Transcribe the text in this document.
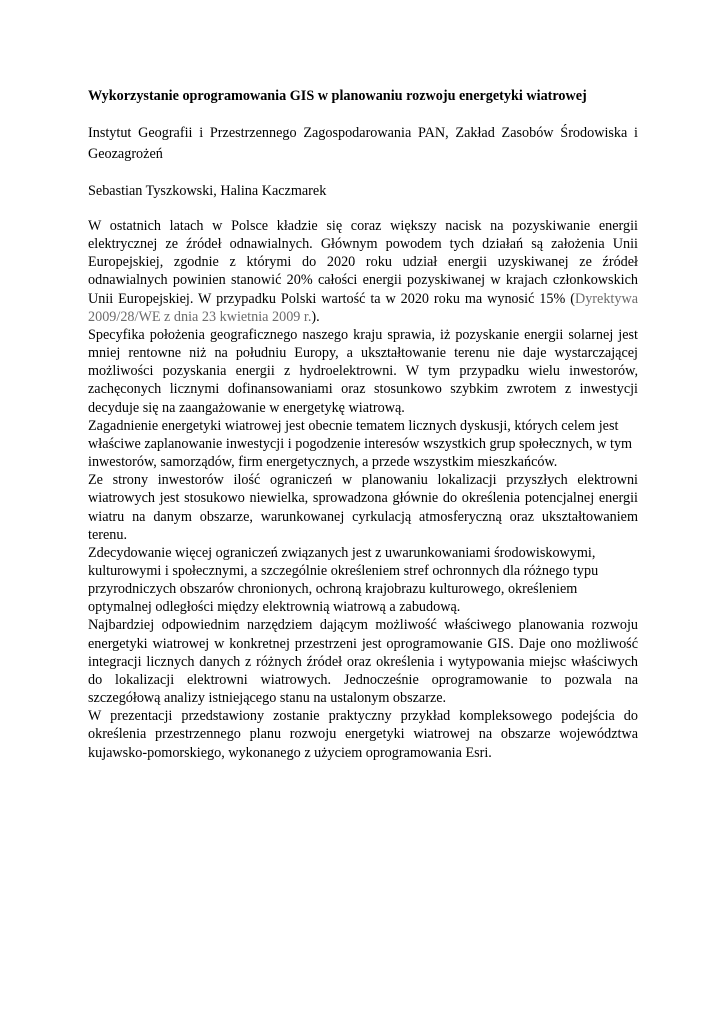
Wykorzystanie oprogramowania GIS w planowaniu rozwoju energetyki wiatrowej

Instytut Geografii i Przestrzennego Zagospodarowania PAN, Zakład Zasobów Środowiska i Geozagrożeń

Sebastian Tyszkowski, Halina Kaczmarek

W ostatnich latach w Polsce kładzie się coraz większy nacisk na pozyskiwanie energii elektrycznej ze źródeł odnawialnych. Głównym powodem tych działań są założenia Unii Europejskiej, zgodnie z którymi do 2020 roku udział energii uzyskiwanej ze źródeł odnawialnych powinien stanowić 20% całości energii pozyskiwanej w krajach członkowskich Unii Europejskiej. W przypadku Polski wartość ta w 2020 roku ma wynosić 15% (Dyrektywa 2009/28/WE z dnia 23 kwietnia 2009 r.).

Specyfika położenia geograficznego naszego kraju sprawia, iż pozyskanie energii solarnej jest mniej rentowne niż na południu Europy, a ukształtowanie terenu nie daje wystarczającej możliwości pozyskania energii z hydroelektrowni. W tym przypadku wielu inwestorów, zachęconych licznymi dofinansowaniami oraz stosunkowo szybkim zwrotem z inwestycji decyduje się na zaangażowanie w energetykę wiatrową.

Zagadnienie energetyki wiatrowej jest obecnie tematem licznych dyskusji, których celem jest właściwe zaplanowanie inwestycji i pogodzenie interesów wszystkich grup społecznych, w tym inwestorów, samorządów, firm energetycznych, a przede wszystkim mieszkańców.

Ze strony inwestorów ilość ograniczeń w planowaniu lokalizacji przyszłych elektrowni wiatrowych jest stosukowo niewielka, sprowadzona głównie do określenia potencjalnej energii wiatru na danym obszarze, warunkowanej cyrkulacją atmosferyczną oraz ukształtowaniem terenu.

Zdecydowanie więcej ograniczeń związanych jest z uwarunkowaniami środowiskowymi, kulturowymi i społecznymi, a szczególnie określeniem stref ochronnych dla różnego typu przyrodniczych obszarów chronionych, ochroną krajobrazu kulturowego, określeniem optymalnej odległości między elektrownią wiatrową a zabudową.

Najbardziej odpowiednim narzędziem dającym możliwość właściwego planowania rozwoju energetyki wiatrowej w konkretnej przestrzeni jest oprogramowanie GIS. Daje ono możliwość integracji licznych danych z różnych źródeł oraz określenia i wytypowania miejsc właściwych do lokalizacji elektrowni wiatrowych. Jednocześnie oprogramowanie to pozwala na szczegółową analizy istniejącego stanu na ustalonym obszarze.

W prezentacji przedstawiony zostanie praktyczny przykład kompleksowego podejścia do określenia przestrzennego planu rozwoju energetyki wiatrowej na obszarze województwa kujawsko-pomorskiego, wykonanego z użyciem oprogramowania Esri.
